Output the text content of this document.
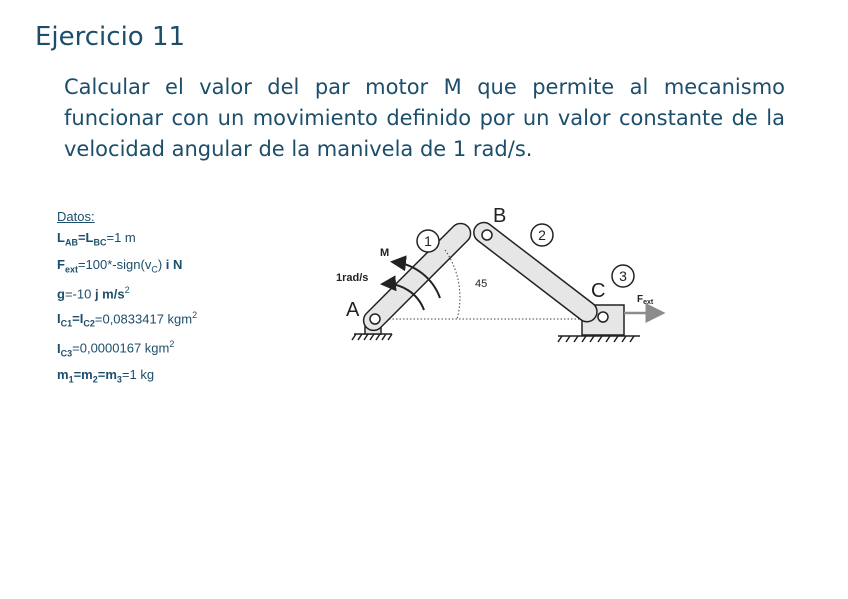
Ejercicio 11
Calcular el valor del par motor M que permite al mecanismo funcionar con un movimiento definido por un valor constante de la velocidad angular de la manivela de 1 rad/s.
Datos:
$L_{AB}=L_{BC}=1$ m
$F_{ext}=100*-sign(v_C)$ i N
g=-10 j $m/s^2$
$I_{C1}=I_{C2}=0,0833417$ kgm$^2$
$I_{C3}=0,0000167$ kgm$^2$
$m_1=m_2=m_3=1$ kg
45
M
1rad/s
A
B
C
1	2
3
$F_{ext}$
